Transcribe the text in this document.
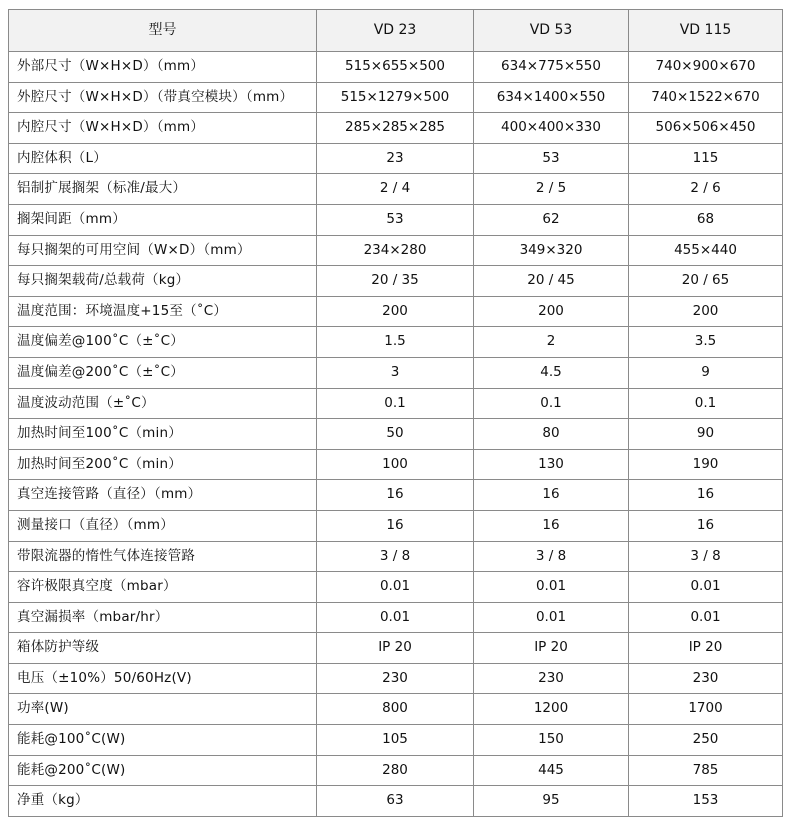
型号	VD 23	VD 53	VD 115
外部尺寸（W×H×D）（mm）	515×655×500	634×775×550	740×900×670
外腔尺寸（W×H×D）（带真空模块）（mm）	515×1279×500	634×1400×550	740×1522×670
内腔尺寸（W×H×D）（mm）	285×285×285	400×400×330	506×506×450
内腔体积（L）	23	53	115
铝制扩展搁架（标准/最大）	2 / 4	2 / 5	2 / 6
搁架间距（mm）	53	62	68
每只搁架的可用空间（W×D）（mm）	234×280	349×320	455×440
每只搁架载荷/总载荷（kg）	20 / 35	20 / 45	20 / 65
温度范围：环境温度+15至（˚C）	200	200	200
温度偏差@100˚C（±˚C）	1.5	2	3.5
温度偏差@200˚C（±˚C）	3	4.5	9
温度波动范围（±˚C）	0.1	0.1	0.1
加热时间至100˚C（min）	50	80	90
加热时间至200˚C（min）	100	130	190
真空连接管路（直径）（mm）	16	16	16
测量接口（直径）（mm）	16	16	16
带限流器的惰性气体连接管路	3 / 8	3 / 8	3 / 8
容许极限真空度（mbar）	0.01	0.01	0.01
真空漏损率（mbar/hr）	0.01	0.01	0.01
箱体防护等级	IP 20	IP 20	IP 20
电压（±10%）50/60Hz(V)	230	230	230
功率(W)	800	1200	1700
能耗@100˚C(W)	105	150	250
能耗@200˚C(W)	280	445	785
净重（kg）	63	95	153
